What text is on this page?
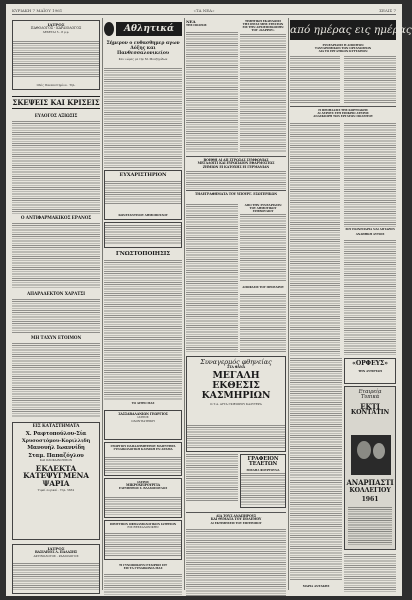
ΚΥΡΙΑΚΗ 7 ΜΑΪΟΥ 1961	«ΤΑ ΝΕΑ»	ΣΕΛΙΣ 7
ΙΑΤΡΟΣ
ΠΑΘΟΛΟΓΟΣ - ΚΑΡΔΙΟΛΟΓΟΣ
ΔΕΧΕΤΑΙ 5 - 8 μ.μ.
Οδός Πανεπιστημίου · Τηλ.
ΣΚΕΨΕΙΣ ΚΑΙ ΚΡΙΣΕΙΣ
ΕΥΛΟΓΟΣ ΑΞΙΩΣΙΣ
Ο ΑΝΤΙΦΑΡΜΑΚΙΚΟΣ ΕΡΑΝΟΣ
ΑΠΑΡΑΔΕΚΤΟΝ ΧΑΡΑΤΣΙ
ΜΗ ΤΑΧΥΝ ΕΤΟΙΜΟΝ
ΕΙΣ ΚΑΤΑΣΤΗΜΑΤΑ
Χ. Ραφτοπούλου-Σία
Χρυσοστόμου-Κοριλλιδη
Μανουήλ Ιωαννίδη
Σταμ. Παπαζόγλου
ΚΑΙ ΟΛΟΚΑΙΝΟΥΡΙΟΝ
ΕΚΛΕΚΤΑ
ΚΑΤΕΨΥΓΜΕΝΑ
ΨΑΡΙΑ
Τιμαί λογικαί · Τηλ. 5652
ΙΑΤΡΟΣ
ΒΑΣΙΛΕΙΟΣ Λ. ΠΑΛΑΣΗΣ
ΑΚΤΙΝΟΛΟΓΟΣ - ΡΑΔΙΟΛΟΓΟΣ
Αθλητικά
Σήμερον ο ευθασθημερ αγων
Δόξης και Πανθεσσαλονικείου
Και ι ώρας με την Μ. Μουζηρίδων
ΕΥΧΑΡΙΣΤΗΡΙΟΝ
ΚΩΝΣΤΑΝΤΙΝΟΥ ΔΗΜΟΠΟΥΛΟΥ
ΓΝΩΣΤΟΠΟΙΗΣΙΣ
ΤΟ ΔΙΤΡΟ ΜΑΣ
ΣΑΣΣΑΒΑΛΑΝΙΩΝ ΓΕΩΡΓΙΟΣ
ΙΑΤΡΟΣ
ΟΔΟΝΤΙΑΤΡΙΚΗ
ΓΕΩΡΓΙΟΥ ΠΑΠΑΔΗΜΗΤΡΙΟΥ ΜΑΙΕΥΤΗΡΑ
ΓΥΝΑΙΚΟΛΟΓΙΚΗ ΚΛΙΝΙΚΗ ΕΝ ΔΡΑΜΑ
ΙΑΤΡΟΣ
ΜΙΚΡΟΧΕΙΡΟΥΡΓΙΑ
ΕΛΕΥΘΕΡΙΟΣ Σ. ΒΛΑΧΟΠΟΥΛΟΣ
ΠΡΟΤΥΠΟΝ ΟΦΘΑΛΜΟΛΟΓΙΚΟΝ ΙΑΤΡΕΙΟΝ
ΕΙΣ ΘΕΣΣΑΛΟΝΙΚΗΝ
ΤΙ ΓΥΝΟΙΟΙΚΟΥΝ ΕΤΑΙΡΙΟΣ ΙΣΤ
ΕΙΣ ΤΑ ΓΥΝΑΙΚΩΝΙΑ ΜΑΣ
ΝΕΑ
ΤΗΣ ΠΟΛΕΩΣ
ΤΙΜΗΤΙΚΗ ΕΚΔΗΛΩΣΙΣ
ΤΗΣ ΙΕΡΑΣ ΜΗΣ ΣΤΡΑΤΩΝ
ΕΙΣ ΤΗΝ ΑΡΧΙΕΠΙΣΚΟΠΗΝ ΤΟΥ «ΚΑΡΡΟΥ»
ΒΟΗΘΗ ΔΙ ΑΠ ΣΤΡΩΣΑΣ ΣΥΜΦΩΝΙΑΣ
ΜΕΓΑΛΟΙΤΙ ΚΑΙ ΕΥΡΩΠΑΙΟΝ ΕΦΑΡΜΟΣΤΩΣ
ΖΗΜΙΩΝ ΕΙ ΚΑΤΟΧΗΣ ΕΙ ΓΕΡΜΑΝΙΑΝ
ΤΗΛΕΓΡΑΦΗΜΑΤΑ ΤΟΥ ΥΠΟΥΡΓ. ΕΣΩΤΕΡΙΚΩΝ
ΑΠΟ ΤΗΝ ΣΥΝΕΔΡΙΑΣΙΝ
ΤΟΥ ΔΗΜΟΤΙΚΟΥ ΣΥΜΒΟΥΛΙΟΥ
ΑΠΟΦΑΣΙΣ ΤΟΥ ΠΡΟΕΔΡΟΥ
Συναγερμός φθηνείας
ΣΤΑ ΦΑΝΑ
ΜΕΓΑΛΗ
ΕΚΘΕΣΙΣ
ΚΑΣΜΗΡΙΩΝ
Ο.Τ.Α. ΑΥΤΑ ΓΚΙΕΟΙΡΟΥ ΚΑΛΥΤΕΡΑ
ΓΡΑΦΕΙΟΝ ΤΕΛΕΤΩΝ
ΜΙΣΑΗΛ ΦΟΥΡΤΟΥΝΑ
ΔΙΑ ΤΟΥΣ ΑΝΑΠΗΡΟΥΣ
ΚΑΙ ΘΥΜΑΤΑ ΤΟΥ ΠΟΛΕΜΟΥ
ΑΙ ΕΚΤΙΜΗΣΕΙΣ ΤΟΥ ΕΠΙΤΡΟΠΟΥ
από ημέρας εις ημέρας
ΣΥΝΕΔΡΙΑΣΙΣ Η ΑΠΟΠΤΩΝ
ΤΑΧΥΔΡΟΜΙΚΩΝ ΤΩΝ ΟΡΓΑΝΩΣΕΩΝ
ΔΙΑ ΤΟ ΕΡΓΑΤΙΚΟΝ ΚΥΤΤΑΡΙΟΝ
Η ΠΡΟΗΛΑΣΙΣ ΤΗΣ ΚΟΡΤΣΑΚΗΣ
ΔΙ ΔΕΡΟΥΣ ΣΤΗ ΕΠΙΚΡΙΟ ΑΤΕΡΟΣ
ΑΝΑΣΚΙΟΡΗ ΤΩΝ ΕΡΓΑΤΩΝ ΠΟΛΕΙΤΟΥ
ΣΟΥ ΕΚΙΝΕΠΑΡΙΑ ΝΑΙ ΑΙΓΙΑΖΟΝ
ΑΝΑΘΗΚΗ ΑΥΤΟΙΣ
«ΟΡΦΕΥΣ»
ΤΗΝ ΑΥΤΙΡΤΑΗ
Εταιρεία
Τυπικά
ΕΚΤΙ
ΚΟΝΤΑΤΙΝ
ΑΝΑΡΠΑΣΤΙ
ΚΟΛΛΕΓΙΟΥ
1961
ΜΑΡΙΑ ΑΝΤΑΚΗΣ
